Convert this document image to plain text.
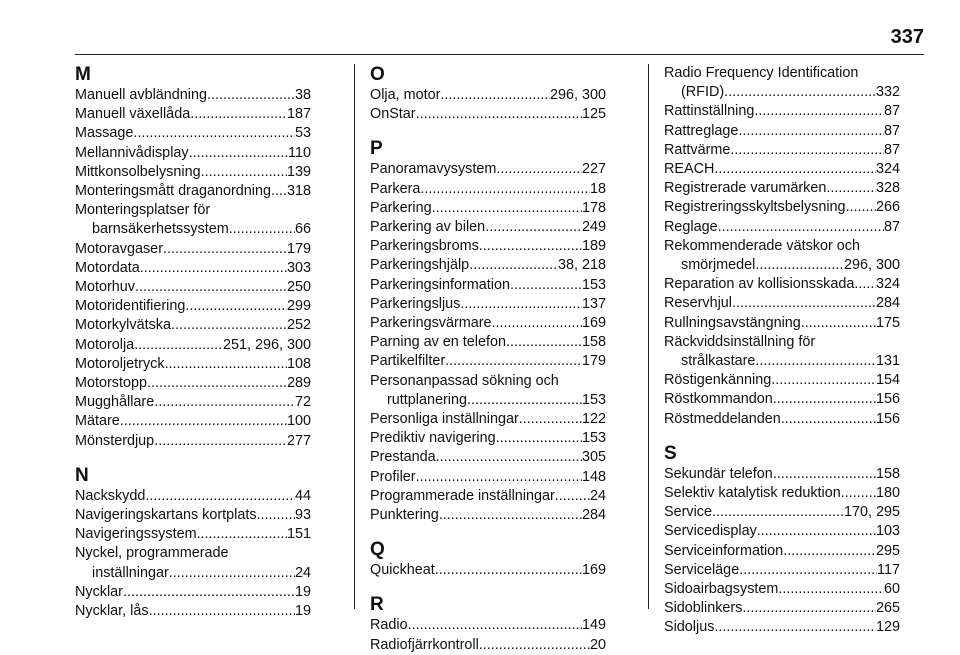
337
M
Manuell avbländning .....	38
Manuell växellåda .....	187
Massage .....	53
Mellannivådisplay .....	110
Mittkonsolbelysning .....	139
Monteringsmått draganordning ..... 318
Monteringsplatser för
barnsäkerhetssystem .....	66
Motoravgaser .....	179
Motordata .....	303
Motorhuv .....	250
Motoridentifiering .....	299
Motorkylvätska .....	252
Motorolja .....	251, 296, 300
Motoroljetryck .....	108
Motorstopp .....	289
Mugghållare .....	72
Mätare .....	100
Mönsterdjup .....	277
N
Nackskydd .....	44
Navigeringskartans kortplats .....	93
Navigeringssystem .....	151
Nyckel, programmerade
inställningar .....	24
Nycklar .....	19
Nycklar, lås .....	19
O
Olja, motor .....	296, 300
OnStar .....	125
P
Panoramavysystem .....	227
Parkera .....	18
Parkering .....	178
Parkering av bilen .....	249
Parkeringsbroms .....	189
Parkeringshjälp .....	38, 218
Parkeringsinformation .....	153
Parkeringsljus .....	137
Parkeringsvärmare .....	169
Parning av en telefon .....	158
Partikelfilter .....	179
Personanpassad sökning och
ruttplanering .....	153
Personliga inställningar .....	122
Prediktiv navigering .....	153
Prestanda .....	305
Profiler .....	148
Programmerade inställningar ..... 24
Punktering .....	284
Q
Quickheat .....	169
R
Radio .....	149
Radiofjärrkontroll .....	20
Radio Frequency Identification
(RFID) .....	332
Rattinställning .....	87
Rattreglage .....	87
Rattvärme .....	87
REACH .....	324
Registrerade varumärken .....	328
Registreringsskyltsbelysning ..... 266
Reglage .....	87
Rekommenderade vätskor och
smörjmedel .....	296, 300
Reparation av kollisionsskada ..... 324
Reservhjul .....	284
Rullningsavstängning .....	175
Räckviddsinställning för
strålkastare .....	131
Röstigenkänning .....	154
Röstkommandon .....	156
Röstmeddelanden .....	156
S
Sekundär telefon .....	158
Selektiv katalytisk reduktion ..... 180
Service .....	170, 295
Servicedisplay .....	103
Serviceinformation .....	295
Serviceläge .....	117
Sidoairbagsystem .....	60
Sidoblinkers .....	265
Sidoljus .....	129
